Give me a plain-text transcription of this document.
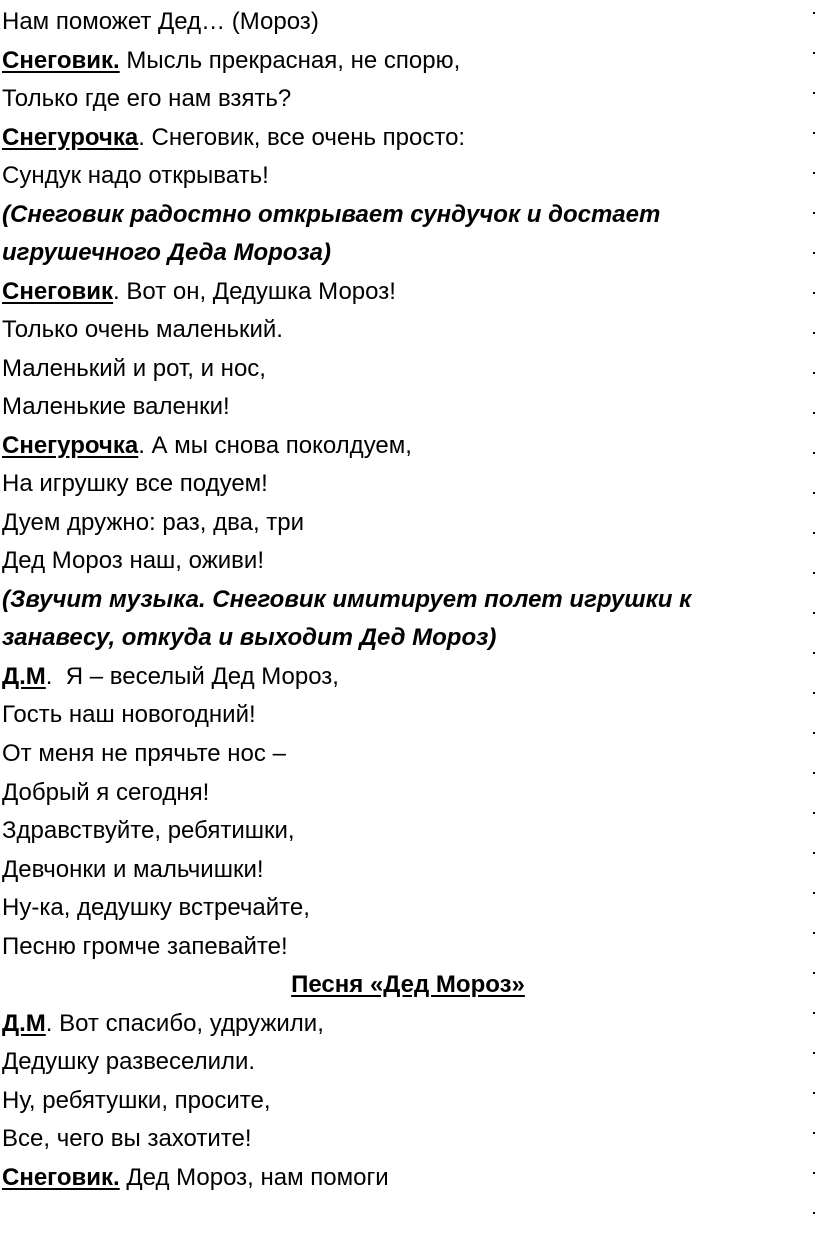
Нам поможет Дед… (Мороз)
Снеговик. Мысль прекрасная, не спорю,
Только где его нам взять?
Снегурочка. Снеговик, все очень просто:
Сундук надо открывать!
(Снеговик радостно открывает сундучок и достает
игрушечного Деда Мороза)
Снеговик. Вот он, Дедушка Мороз!
Только очень маленький.
Маленький и рот, и нос,
Маленькие валенки!
Снегурочка. А мы снова поколдуем,
На игрушку все подуем!
Дуем дружно: раз, два, три
Дед Мороз наш, оживи!
(Звучит музыка. Снеговик имитирует полет игрушки к
занавесу, откуда и выходит Дед Мороз)
Д.М.  Я – веселый Дед Мороз,
Гость наш новогодний!
От меня не прячьте нос –
Добрый я сегодня!
Здравствуйте, ребятишки,
Девчонки и мальчишки!
Ну-ка, дедушку встречайте,
Песню громче запевайте!
Песня «Дед Мороз»
Д.М. Вот спасибо, удружили,
Дедушку развеселили.
Ну, ребятушки, просите,
Все, чего вы захотите!
Снеговик. Дед Мороз, нам помоги
